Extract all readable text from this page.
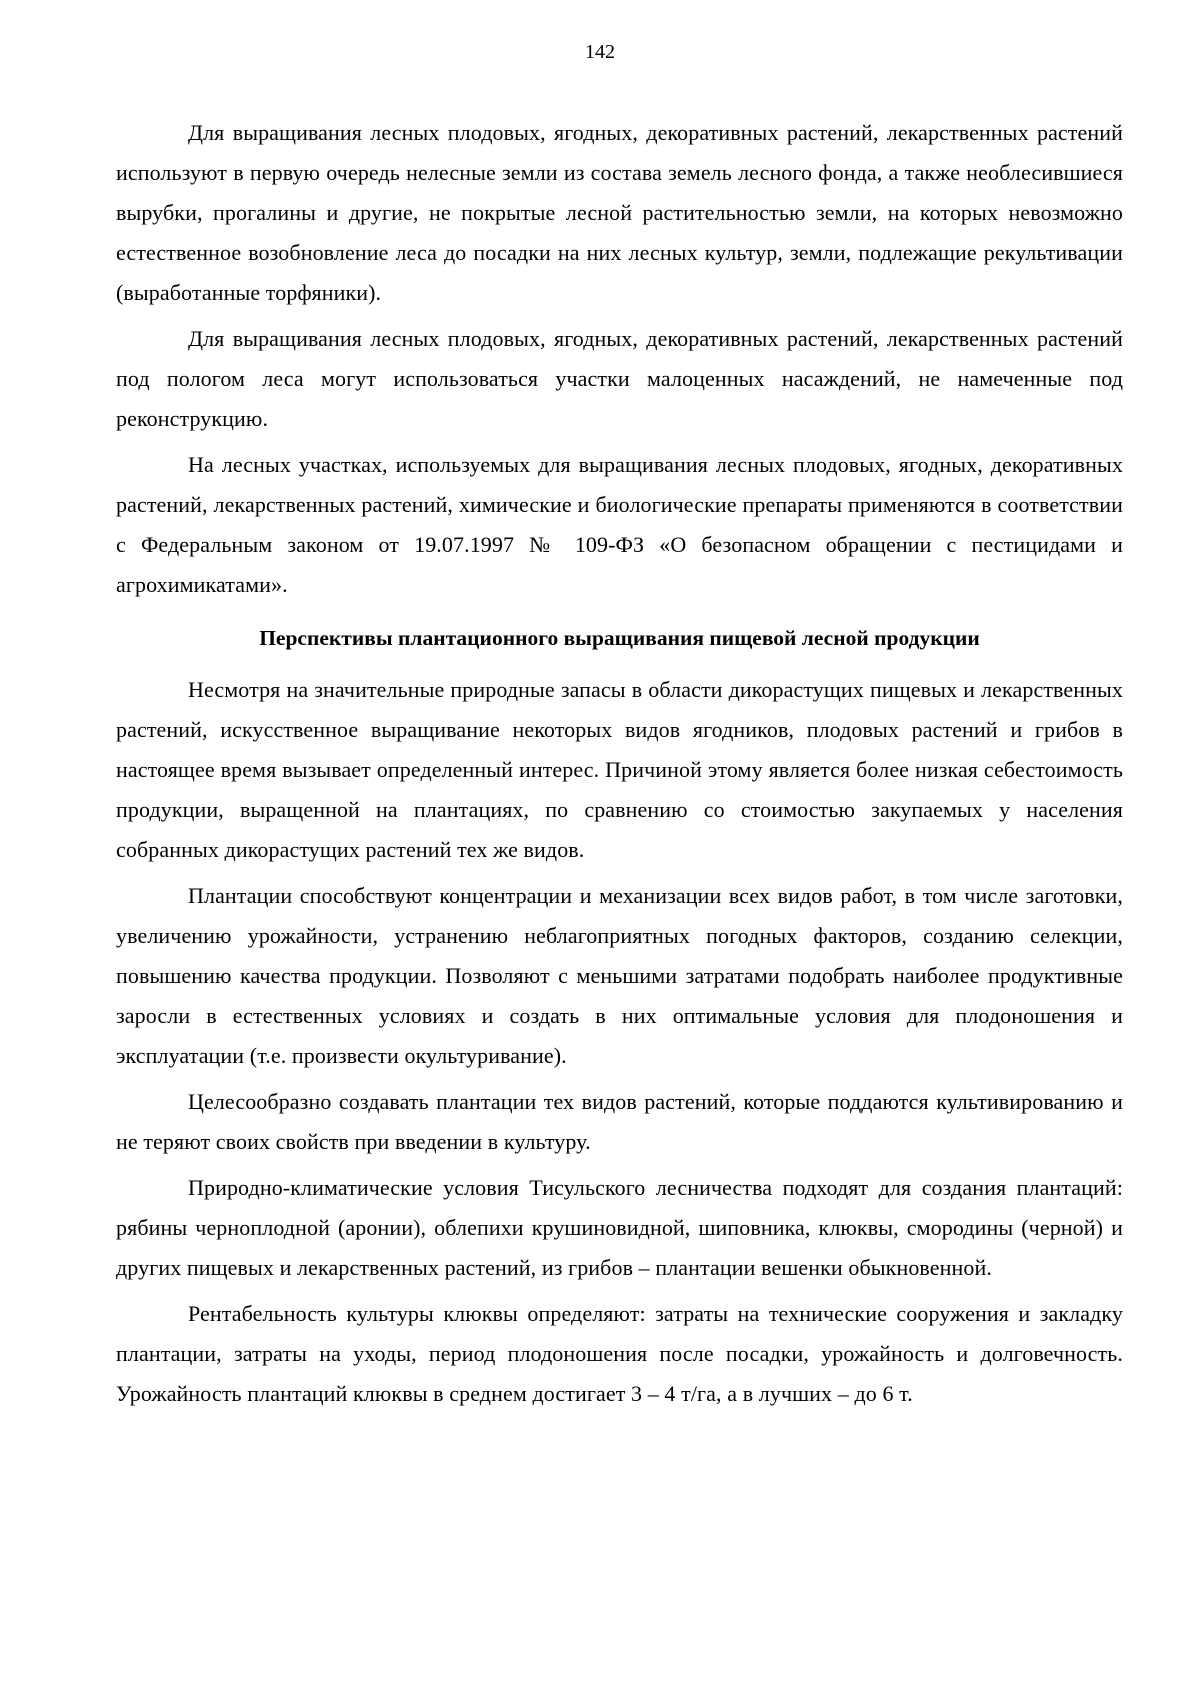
142

Для выращивания лесных плодовых, ягодных, декоративных растений, лекарственных растений используют в первую очередь нелесные земли из состава земель лесного фонда, а также необлесившиеся вырубки, прогалины и другие, не покрытые лесной растительностью земли, на которых невозможно естественное возобновление леса до посадки на них лесных культур, земли, подлежащие рекультивации (выработанные торфяники).

Для выращивания лесных плодовых, ягодных, декоративных растений, лекарственных растений под пологом леса могут использоваться участки малоценных насаждений, не намеченные под реконструкцию.

На лесных участках, используемых для выращивания лесных плодовых, ягодных, декоративных растений, лекарственных растений, химические и биологические препараты применяются в соответствии с Федеральным законом от 19.07.1997 № 109-ФЗ «О безопасном обращении с пестицидами и агрохимикатами».

Перспективы плантационного выращивания пищевой лесной продукции

Несмотря на значительные природные запасы в области дикорастущих пищевых и лекарственных растений, искусственное выращивание некоторых видов ягодников, плодовых растений и грибов в настоящее время вызывает определенный интерес. Причиной этому является более низкая себестоимость продукции, выращенной на плантациях, по сравнению со стоимостью закупаемых у населения собранных дикорастущих растений тех же видов.

Плантации способствуют концентрации и механизации всех видов работ, в том числе заготовки, увеличению урожайности, устранению неблагоприятных погодных факторов, созданию селекции, повышению качества продукции. Позволяют с меньшими затратами подобрать наиболее продуктивные заросли в естественных условиях и создать в них оптимальные условия для плодоношения и эксплуатации (т.е. произвести окультуривание).

Целесообразно создавать плантации тех видов растений, которые поддаются культивированию и не теряют своих свойств при введении в культуру.

Природно-климатические условия Тисульского лесничества подходят для создания плантаций: рябины черноплодной (аронии), облепихи крушиновидной, шиповника, клюквы, смородины (черной) и других пищевых и лекарственных растений, из грибов – плантации вешенки обыкновенной.

Рентабельность культуры клюквы определяют: затраты на технические сооружения и закладку плантации, затраты на уходы, период плодоношения после посадки, урожайность и долговечность. Урожайность плантаций клюквы в среднем достигает 3 – 4 т/га, а в лучших – до 6 т.
